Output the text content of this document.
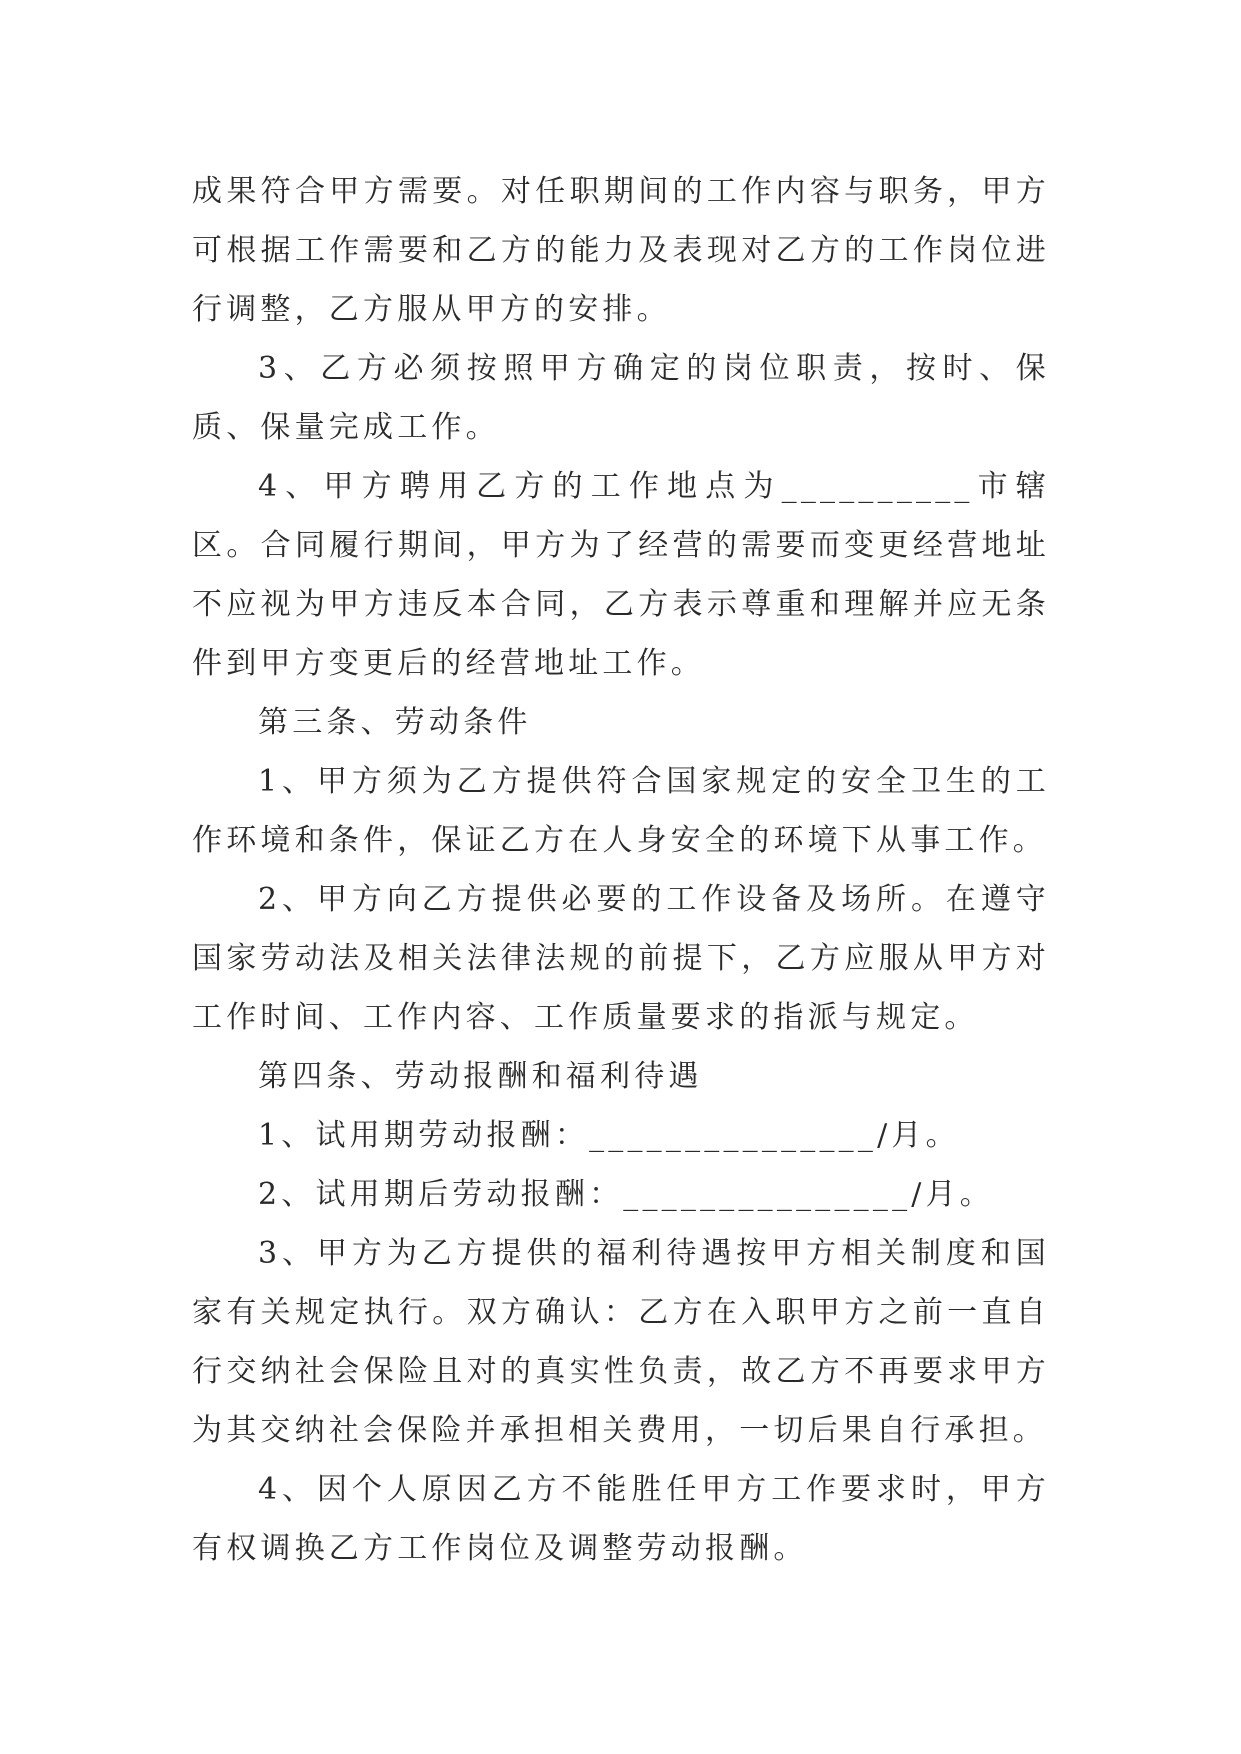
成果符合甲方需要。对任职期间的工作内容与职务，甲方可根据工作需要和乙方的能力及表现对乙方的工作岗位进行调整，乙方服从甲方的安排。

3、乙方必须按照甲方确定的岗位职责，按时、保质、保量完成工作。

4、甲方聘用乙方的工作地点为__________市辖区。合同履行期间，甲方为了经营的需要而变更经营地址不应视为甲方违反本合同，乙方表示尊重和理解并应无条件到甲方变更后的经营地址工作。

第三条、劳动条件

1、甲方须为乙方提供符合国家规定的安全卫生的工作环境和条件，保证乙方在人身安全的环境下从事工作。

2、甲方向乙方提供必要的工作设备及场所。在遵守国家劳动法及相关法律法规的前提下，乙方应服从甲方对工作时间、工作内容、工作质量要求的指派与规定。

第四条、劳动报酬和福利待遇

1、试用期劳动报酬：_______________/月。

2、试用期后劳动报酬：_______________/月。

3、甲方为乙方提供的福利待遇按甲方相关制度和国家有关规定执行。双方确认：乙方在入职甲方之前一直自行交纳社会保险且对的真实性负责，故乙方不再要求甲方为其交纳社会保险并承担相关费用，一切后果自行承担。

4、因个人原因乙方不能胜任甲方工作要求时，甲方有权调换乙方工作岗位及调整劳动报酬。
